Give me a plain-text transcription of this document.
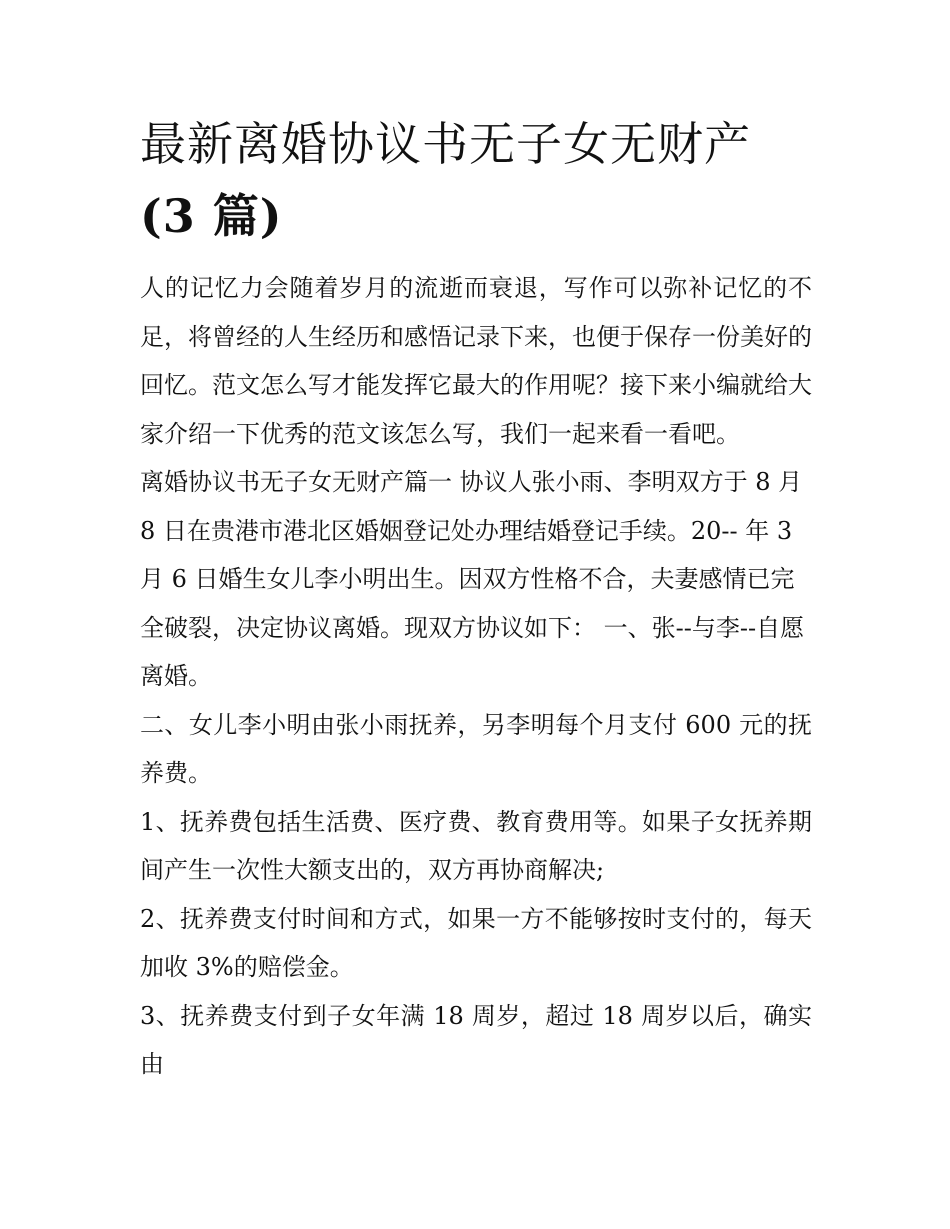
最新离婚协议书无子女无财产
(3 篇)

人的记忆力会随着岁月的流逝而衰退，写作可以弥补记忆的不足，将曾经的人生经历和感悟记录下来，也便于保存一份美好的回忆。范文怎么写才能发挥它最大的作用呢？接下来小编就给大家介绍一下优秀的范文该怎么写，我们一起来看一看吧。

离婚协议书无子女无财产篇一 协议人张小雨、李明双方于 8 月 8 日在贵港市港北区婚姻登记处办理结婚登记手续。20-- 年 3 月 6 日婚生女儿李小明出生。因双方性格不合，夫妻感情已完全破裂，决定协议离婚。现双方协议如下： 一、张--与李--自愿离婚。

二、女儿李小明由张小雨抚养，另李明每个月支付 600 元的抚养费。

1、抚养费包括生活费、医疗费、教育费用等。如果子女抚养期间产生一次性大额支出的，双方再协商解决;

2、抚养费支付时间和方式，如果一方不能够按时支付的，每天加收 3%的赔偿金。

3、抚养费支付到子女年满 18 周岁，超过 18 周岁以后，确实由
